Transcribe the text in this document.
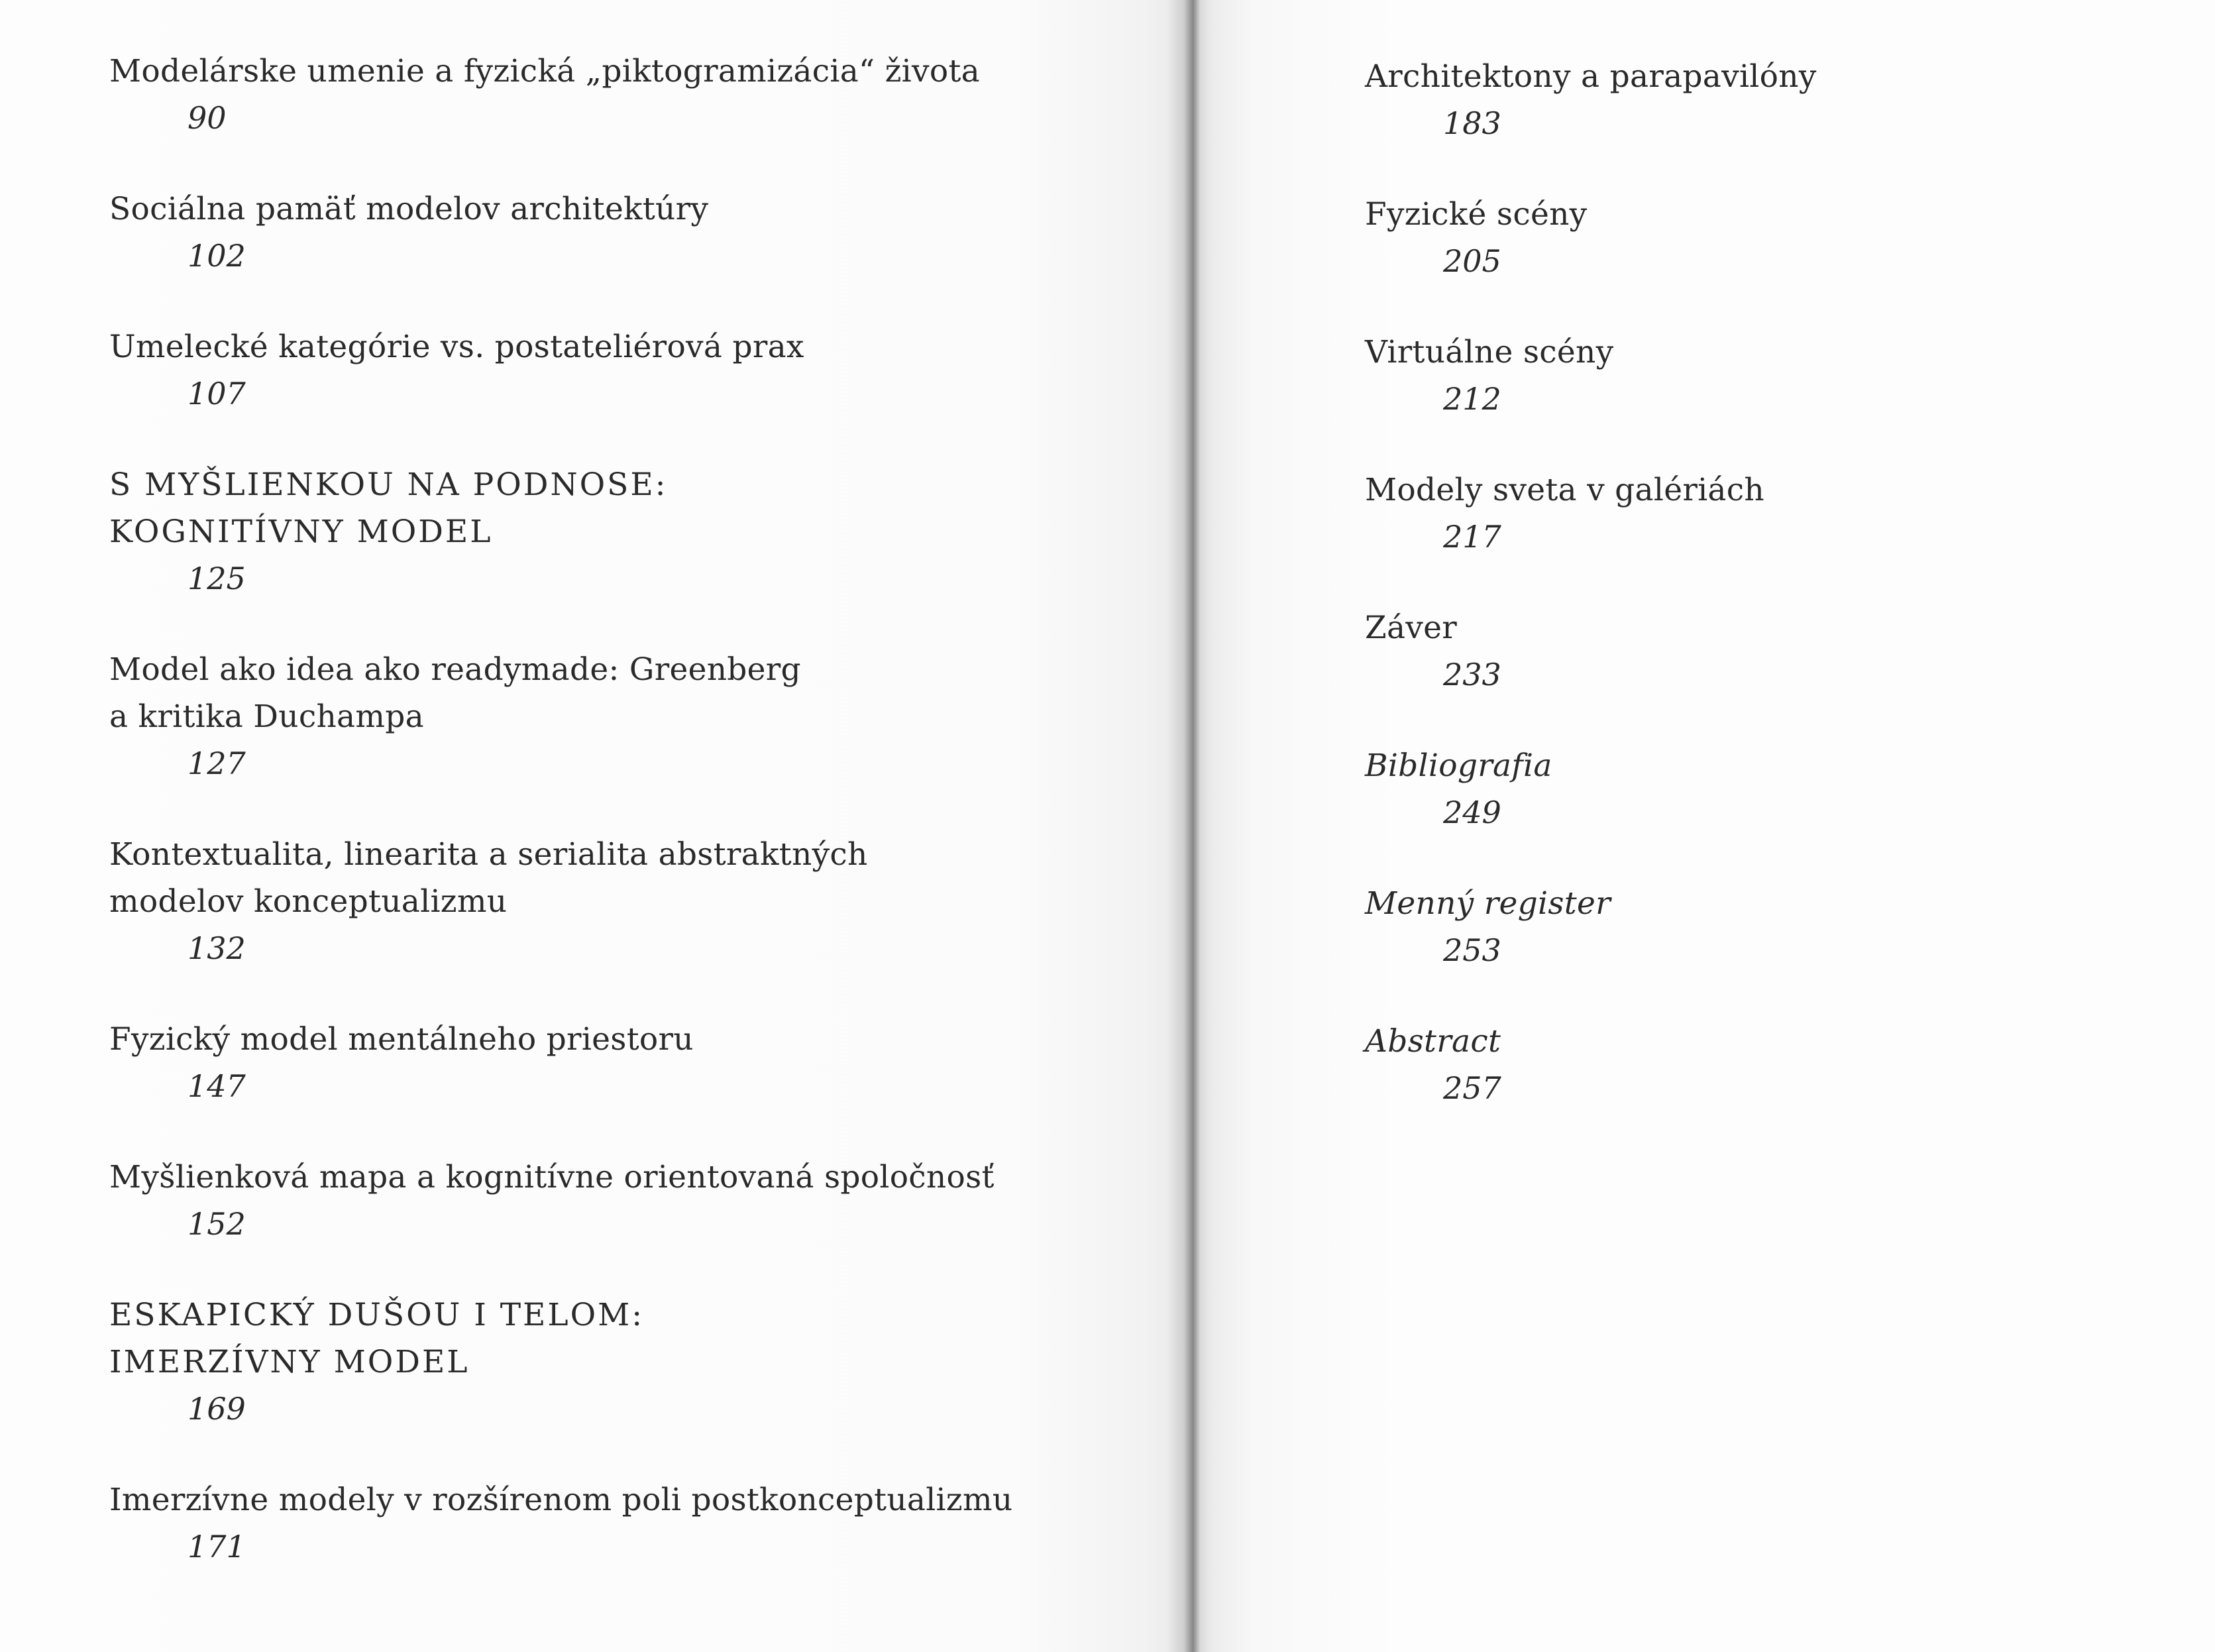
Modelárske umenie a fyzická „piktogramizácia“ života
90
Sociálna pamäť modelov architektúry
102
Umelecké kategórie vs. postateliérová prax
107
S MYŠLIENKOU NA PODNOSE:
KOGNITÍVNY MODEL
125
Model ako idea ako readymade: Greenberg
a kritika Duchampa
127
Kontextualita, linearita a serialita abstraktných
modelov konceptualizmu
132
Fyzický model mentálneho priestoru
147
Myšlienková mapa a kognitívne orientovaná spoločnosť
152
ESKAPICKÝ DUŠOU I TELOM:
IMERZÍVNY MODEL
169
Imerzívne modely v rozšírenom poli postkonceptualizmu
171
Architektony a parapavilóny
183
Fyzické scény
205
Virtuálne scény
212
Modely sveta v galériách
217
Záver
233
Bibliografia
249
Menný register
253
Abstract
257
